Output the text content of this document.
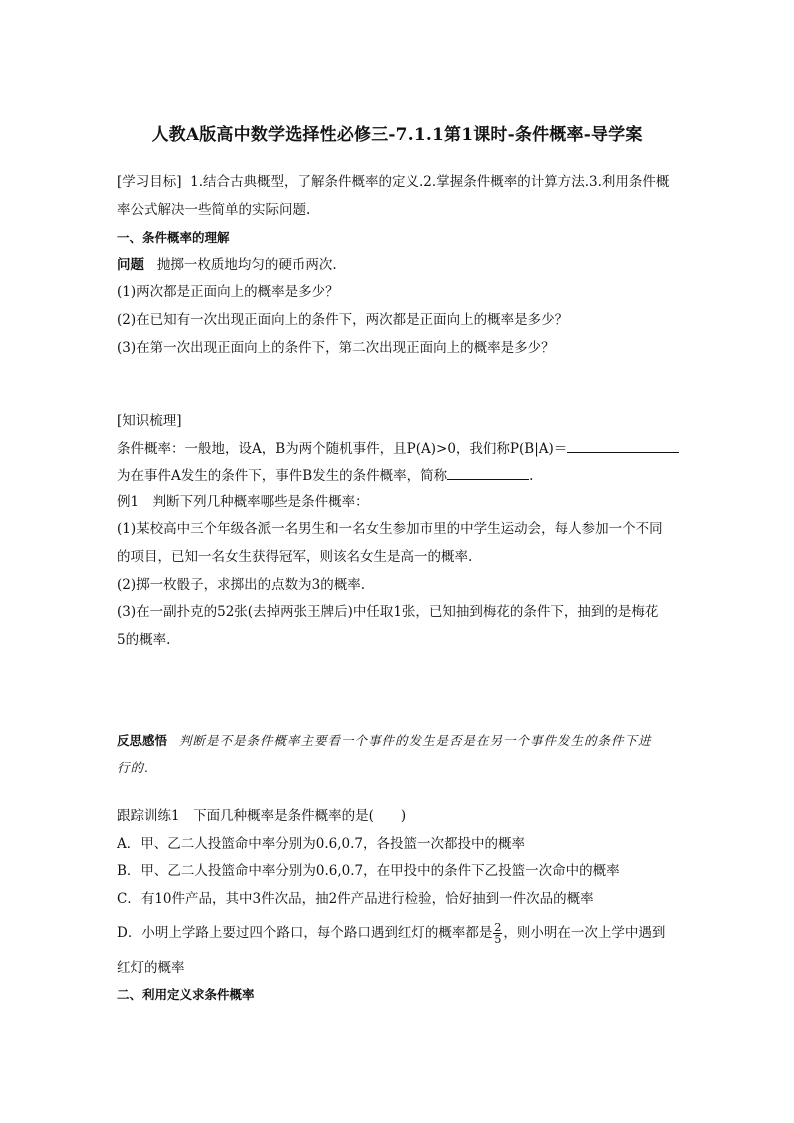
人教A版高中数学选择性必修三-7.1.1第1课时-条件概率-导学案
[学习目标] 1.结合古典概型，了解条件概率的定义.2.掌握条件概率的计算方法.3.利用条件概
率公式解决一些简单的实际问题.
一、条件概率的理解
问题 抛掷一枚质地均匀的硬币两次.
(1)两次都是正面向上的概率是多少？
(2)在已知有一次出现正面向上的条件下，两次都是正面向上的概率是多少？
(3)在第一次出现正面向上的条件下，第二次出现正面向上的概率是多少？
[知识梳理]
条件概率：一般地，设A，B为两个随机事件，且P(A)>0，我们称P(B|A)＝
为在事件A发生的条件下，事件B发生的条件概率，简称	.
例1　判断下列几种概率哪些是条件概率：
(1)某校高中三个年级各派一名男生和一名女生参加市里的中学生运动会，每人参加一个不同
的项目，已知一名女生获得冠军，则该名女生是高一的概率.
(2)掷一枚骰子，求掷出的点数为3的概率.
(3)在一副扑克的52张(去掉两张王牌后)中任取1张，已知抽到梅花的条件下，抽到的是梅花
5的概率.
反思感悟 判断是不是条件概率主要看一个事件的发生是否是在另一个事件发生的条件下进
行的.
跟踪训练1　下面几种概率是条件概率的是(　　)
A．甲、乙二人投篮命中率分别为0.6,0.7，各投篮一次都投中的概率
B．甲、乙二人投篮命中率分别为0.6,0.7，在甲投中的条件下乙投篮一次命中的概率
C．有10件产品，其中3件次品，抽2件产品进行检验，恰好抽到一件次品的概率
D．小明上学路上要过四个路口，每个路口遇到红灯的概率都是 $\frac{2}{5}$ ，则小明在一次上学中遇到
红灯的概率
二、利用定义求条件概率
